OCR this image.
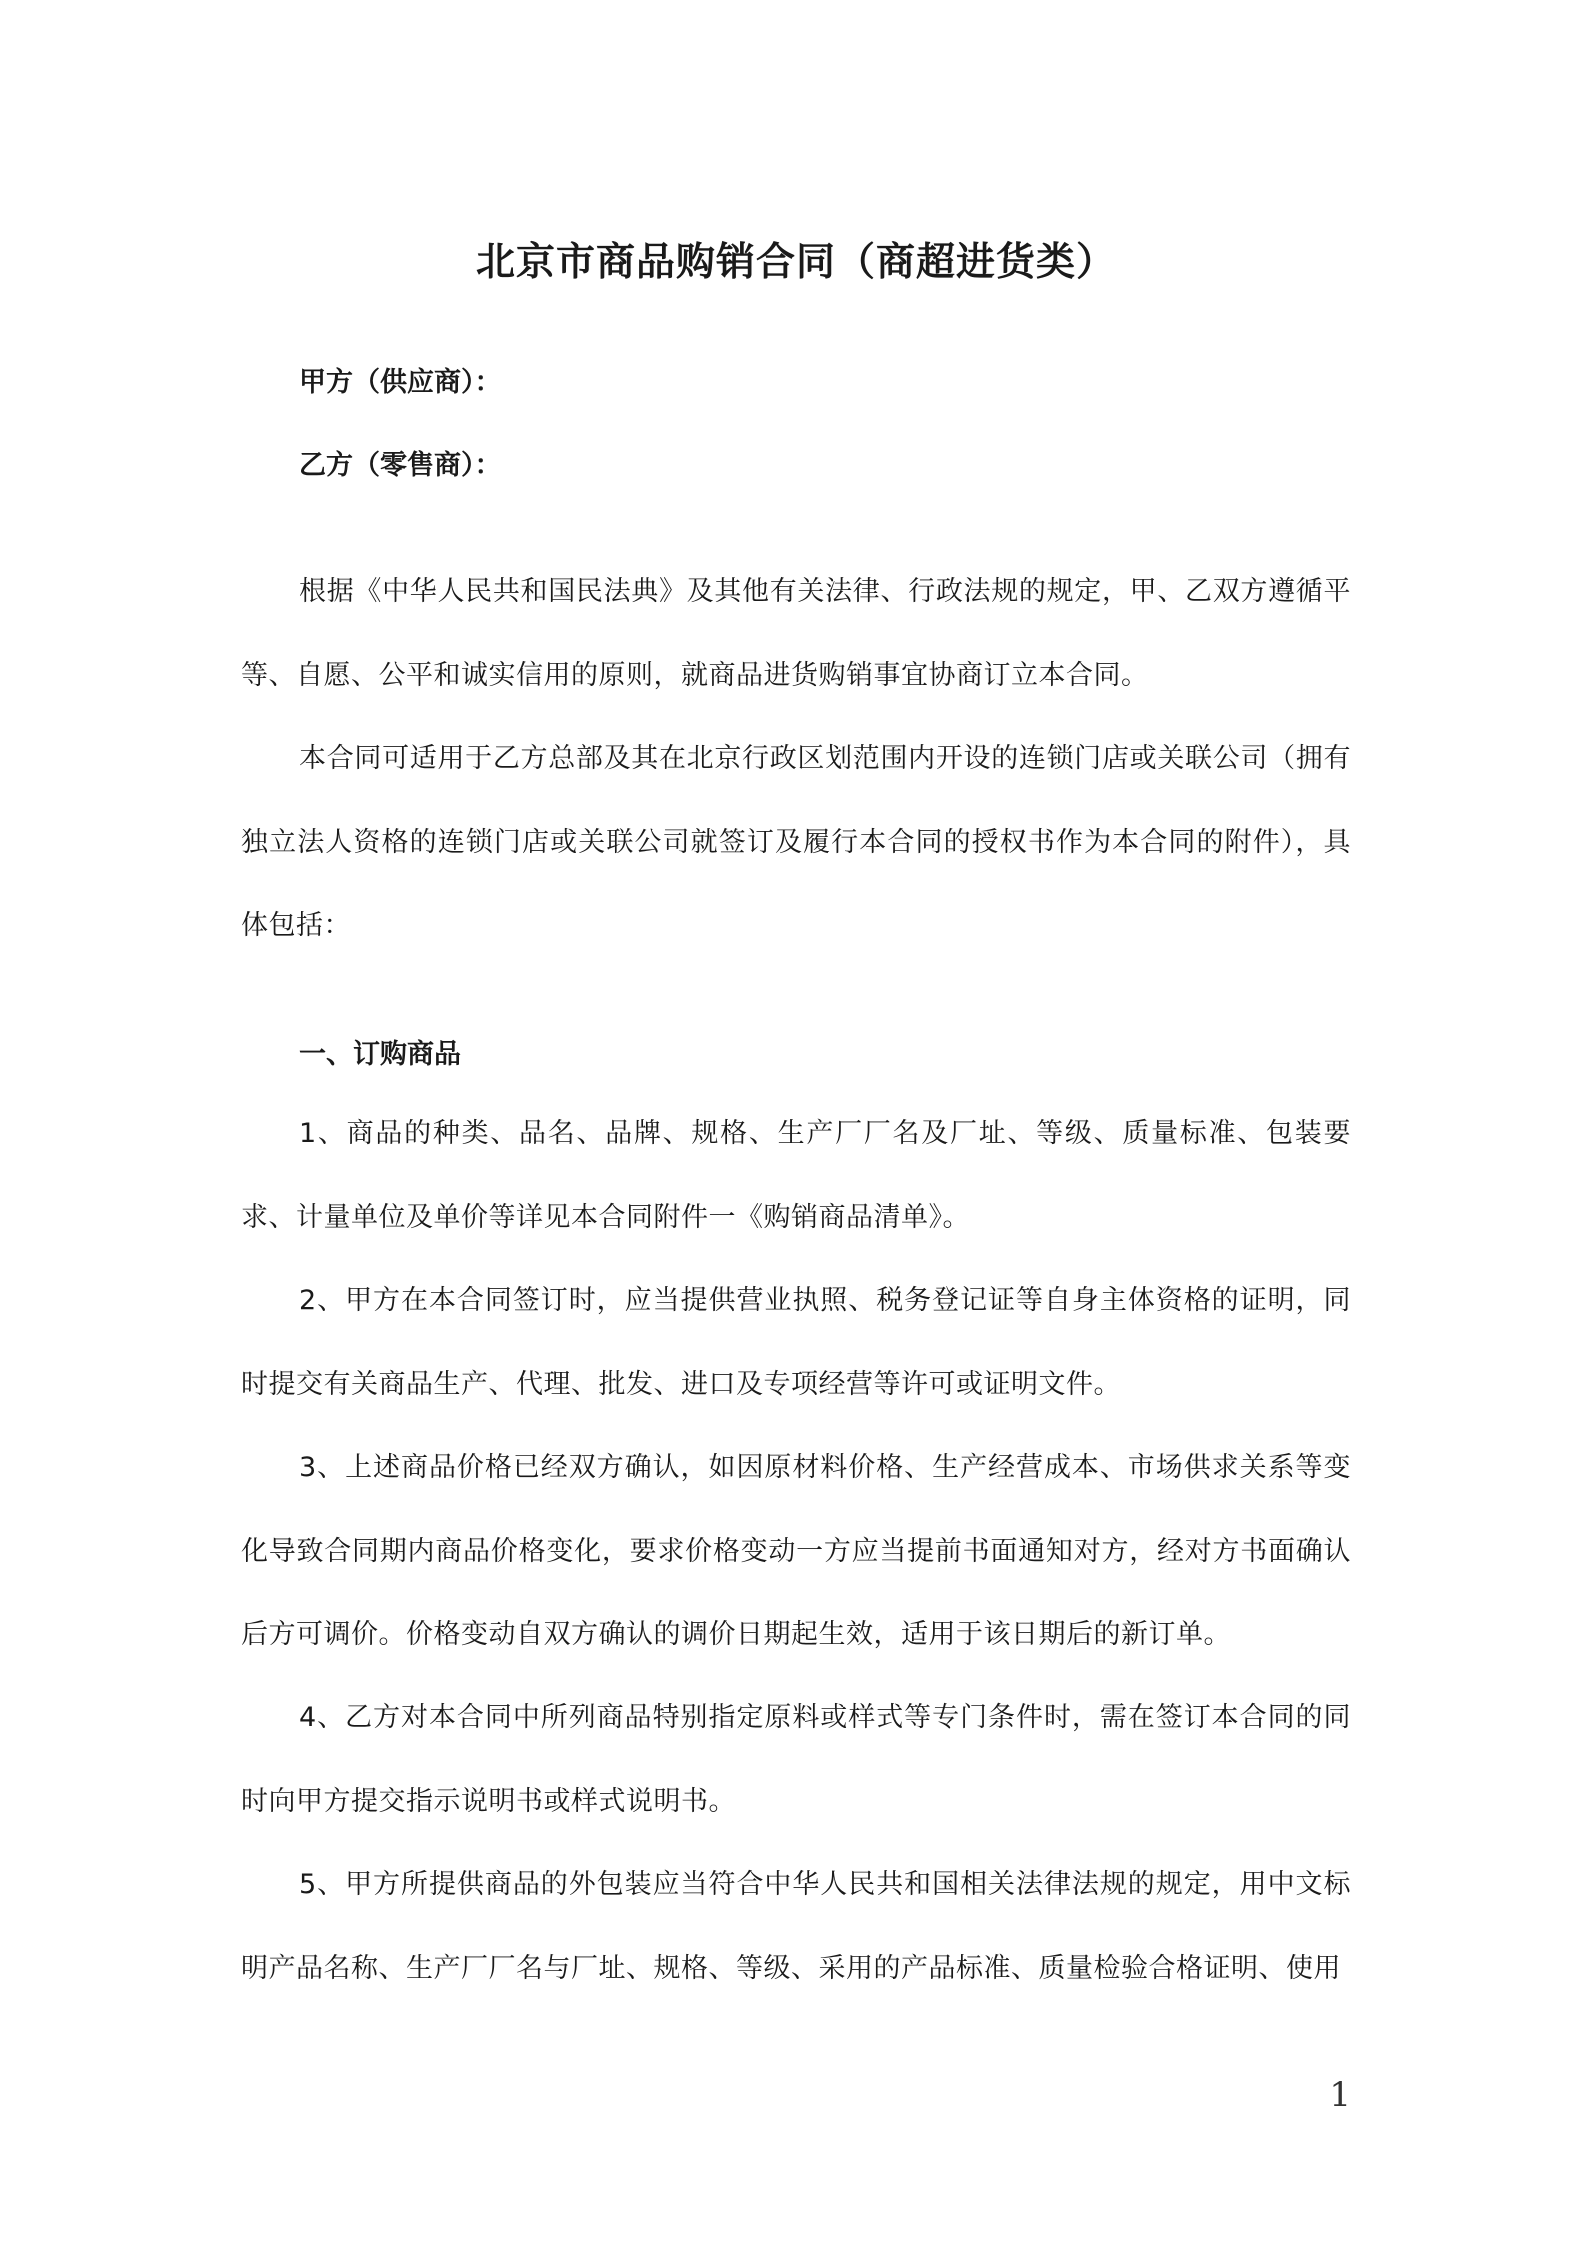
北京市商品购销合同（商超进货类）
甲方（供应商）：
乙方（零售商）：

根据《中华人民共和国民法典》及其他有关法律、行政法规的规定，甲、乙双方遵循平等、自愿、公平和诚实信用的原则，就商品进货购销事宜协商订立本合同。

本合同可适用于乙方总部及其在北京行政区划范围内开设的连锁门店或关联公司（拥有独立法人资格的连锁门店或关联公司就签订及履行本合同的授权书作为本合同的附件），具体包括：

一、订购商品

1、商品的种类、品名、品牌、规格、生产厂厂名及厂址、等级、质量标准、包装要求、计量单位及单价等详见本合同附件一《购销商品清单》。

2、甲方在本合同签订时，应当提供营业执照、税务登记证等自身主体资格的证明，同时提交有关商品生产、代理、批发、进口及专项经营等许可或证明文件。

3、上述商品价格已经双方确认，如因原材料价格、生产经营成本、市场供求关系等变化导致合同期内商品价格变化，要求价格变动一方应当提前书面通知对方，经对方书面确认后方可调价。价格变动自双方确认的调价日期起生效，适用于该日期后的新订单。

4、乙方对本合同中所列商品特别指定原料或样式等专门条件时，需在签订本合同的同时向甲方提交指示说明书或样式说明书。

5、甲方所提供商品的外包装应当符合中华人民共和国相关法律法规的规定，用中文标明产品名称、生产厂厂名与厂址、规格、等级、采用的产品标准、质量检验合格证明、使用

1
